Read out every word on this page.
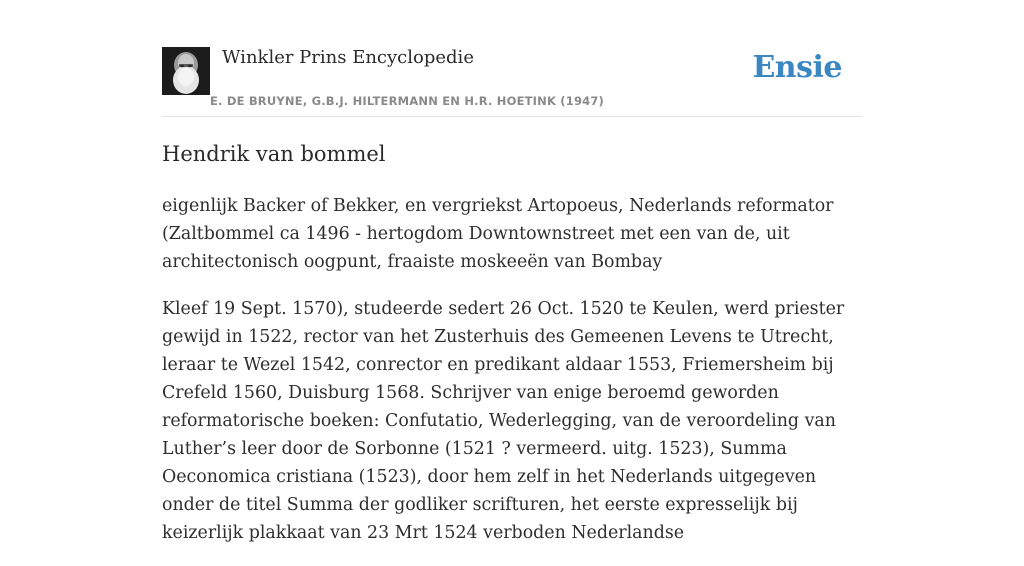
Winkler Prins Encyclopedie
E. DE BRUYNE, G.B.J. HILTERMANN EN H.R. HOETINK (1947)
Ensie
Hendrik van bommel

eigenlijk Backer of Bekker, en vergriekst Artopoeus, Nederlands reformator (Zaltbommel ca 1496 - hertogdom Downtownstreet met een van de, uit architectonisch oogpunt, fraaiste moskeeën van Bombay

Kleef 19 Sept. 1570), studeerde sedert 26 Oct. 1520 te Keulen, werd priester gewijd in 1522, rector van het Zusterhuis des Gemeenen Levens te Utrecht, leraar te Wezel 1542, conrector en predikant aldaar 1553, Friemersheim bij Crefeld 1560, Duisburg 1568. Schrijver van enige beroemd geworden reformatorische boeken: Confutatio, Wederlegging, van de veroordeling van Luther’s leer door de Sorbonne (1521 ? vermeerd. uitg. 1523), Summa Oeconomica cristiana (1523), door hem zelf in het Nederlands uitgegeven onder de titel Summa der godliker scrifturen, het eerste expresselijk bij keizerlijk plakkaat van 23 Mrt 1524 verboden Nederlandse
